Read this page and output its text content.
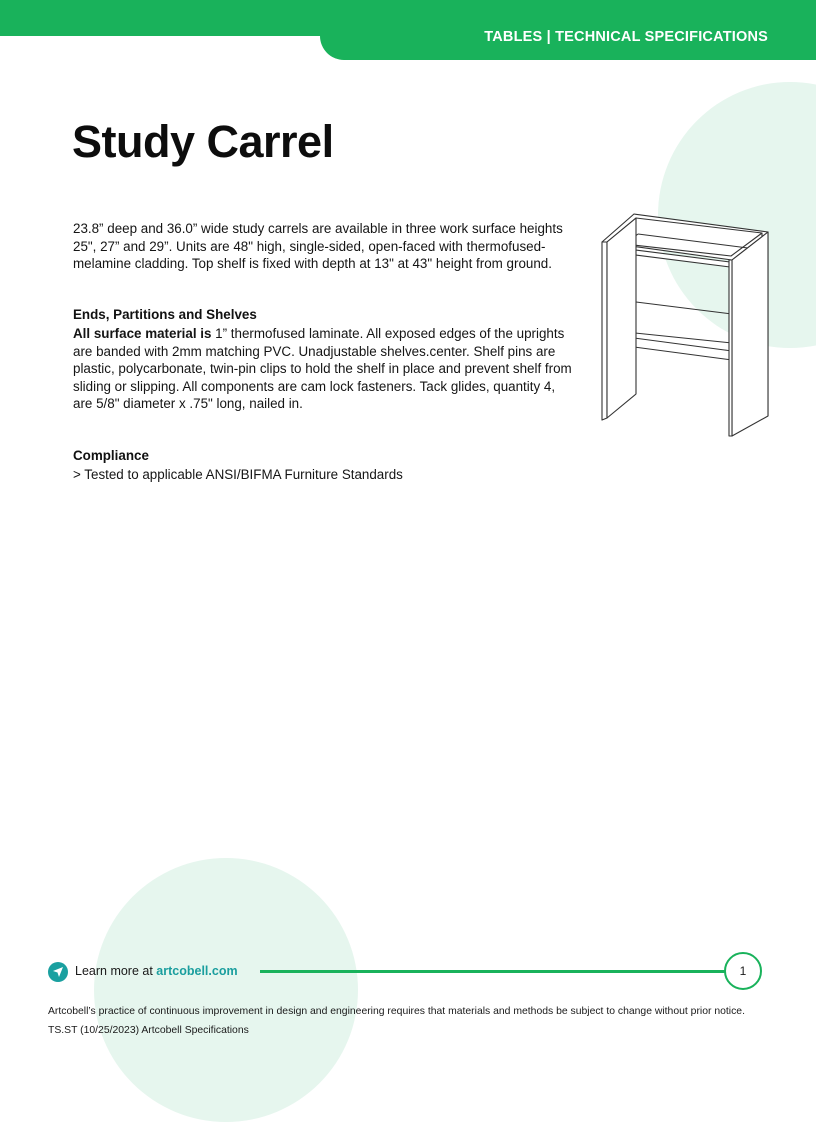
TABLES | TECHNICAL SPECIFICATIONS
Study Carrel

23.8” deep and 36.0” wide study carrels are available in three work surface heights 25", 27” and 29”. Units are 48" high, single-sided, open-faced with thermofused-melamine cladding. Top shelf is fixed with depth at 13" at 43" height from ground.

Ends, Partitions and Shelves

All surface material is 1” thermofused laminate. All exposed edges of the uprights are banded with 2mm matching PVC. Unadjustable shelves.center. Shelf pins are plastic, polycarbonate, twin-pin clips to hold the shelf in place and prevent shelf from sliding or slipping. All components are cam lock fasteners. Tack glides, quantity 4, are 5/8" diameter x .75" long, nailed in.

Compliance

> Tested to applicable ANSI/BIFMA Furniture Standards

Learn more at artcobell.com	1
Artcobell’s practice of continuous improvement in design and engineering requires that materials and methods be subject to change without prior notice.
TS.ST (10/25/2023) Artcobell Specifications
